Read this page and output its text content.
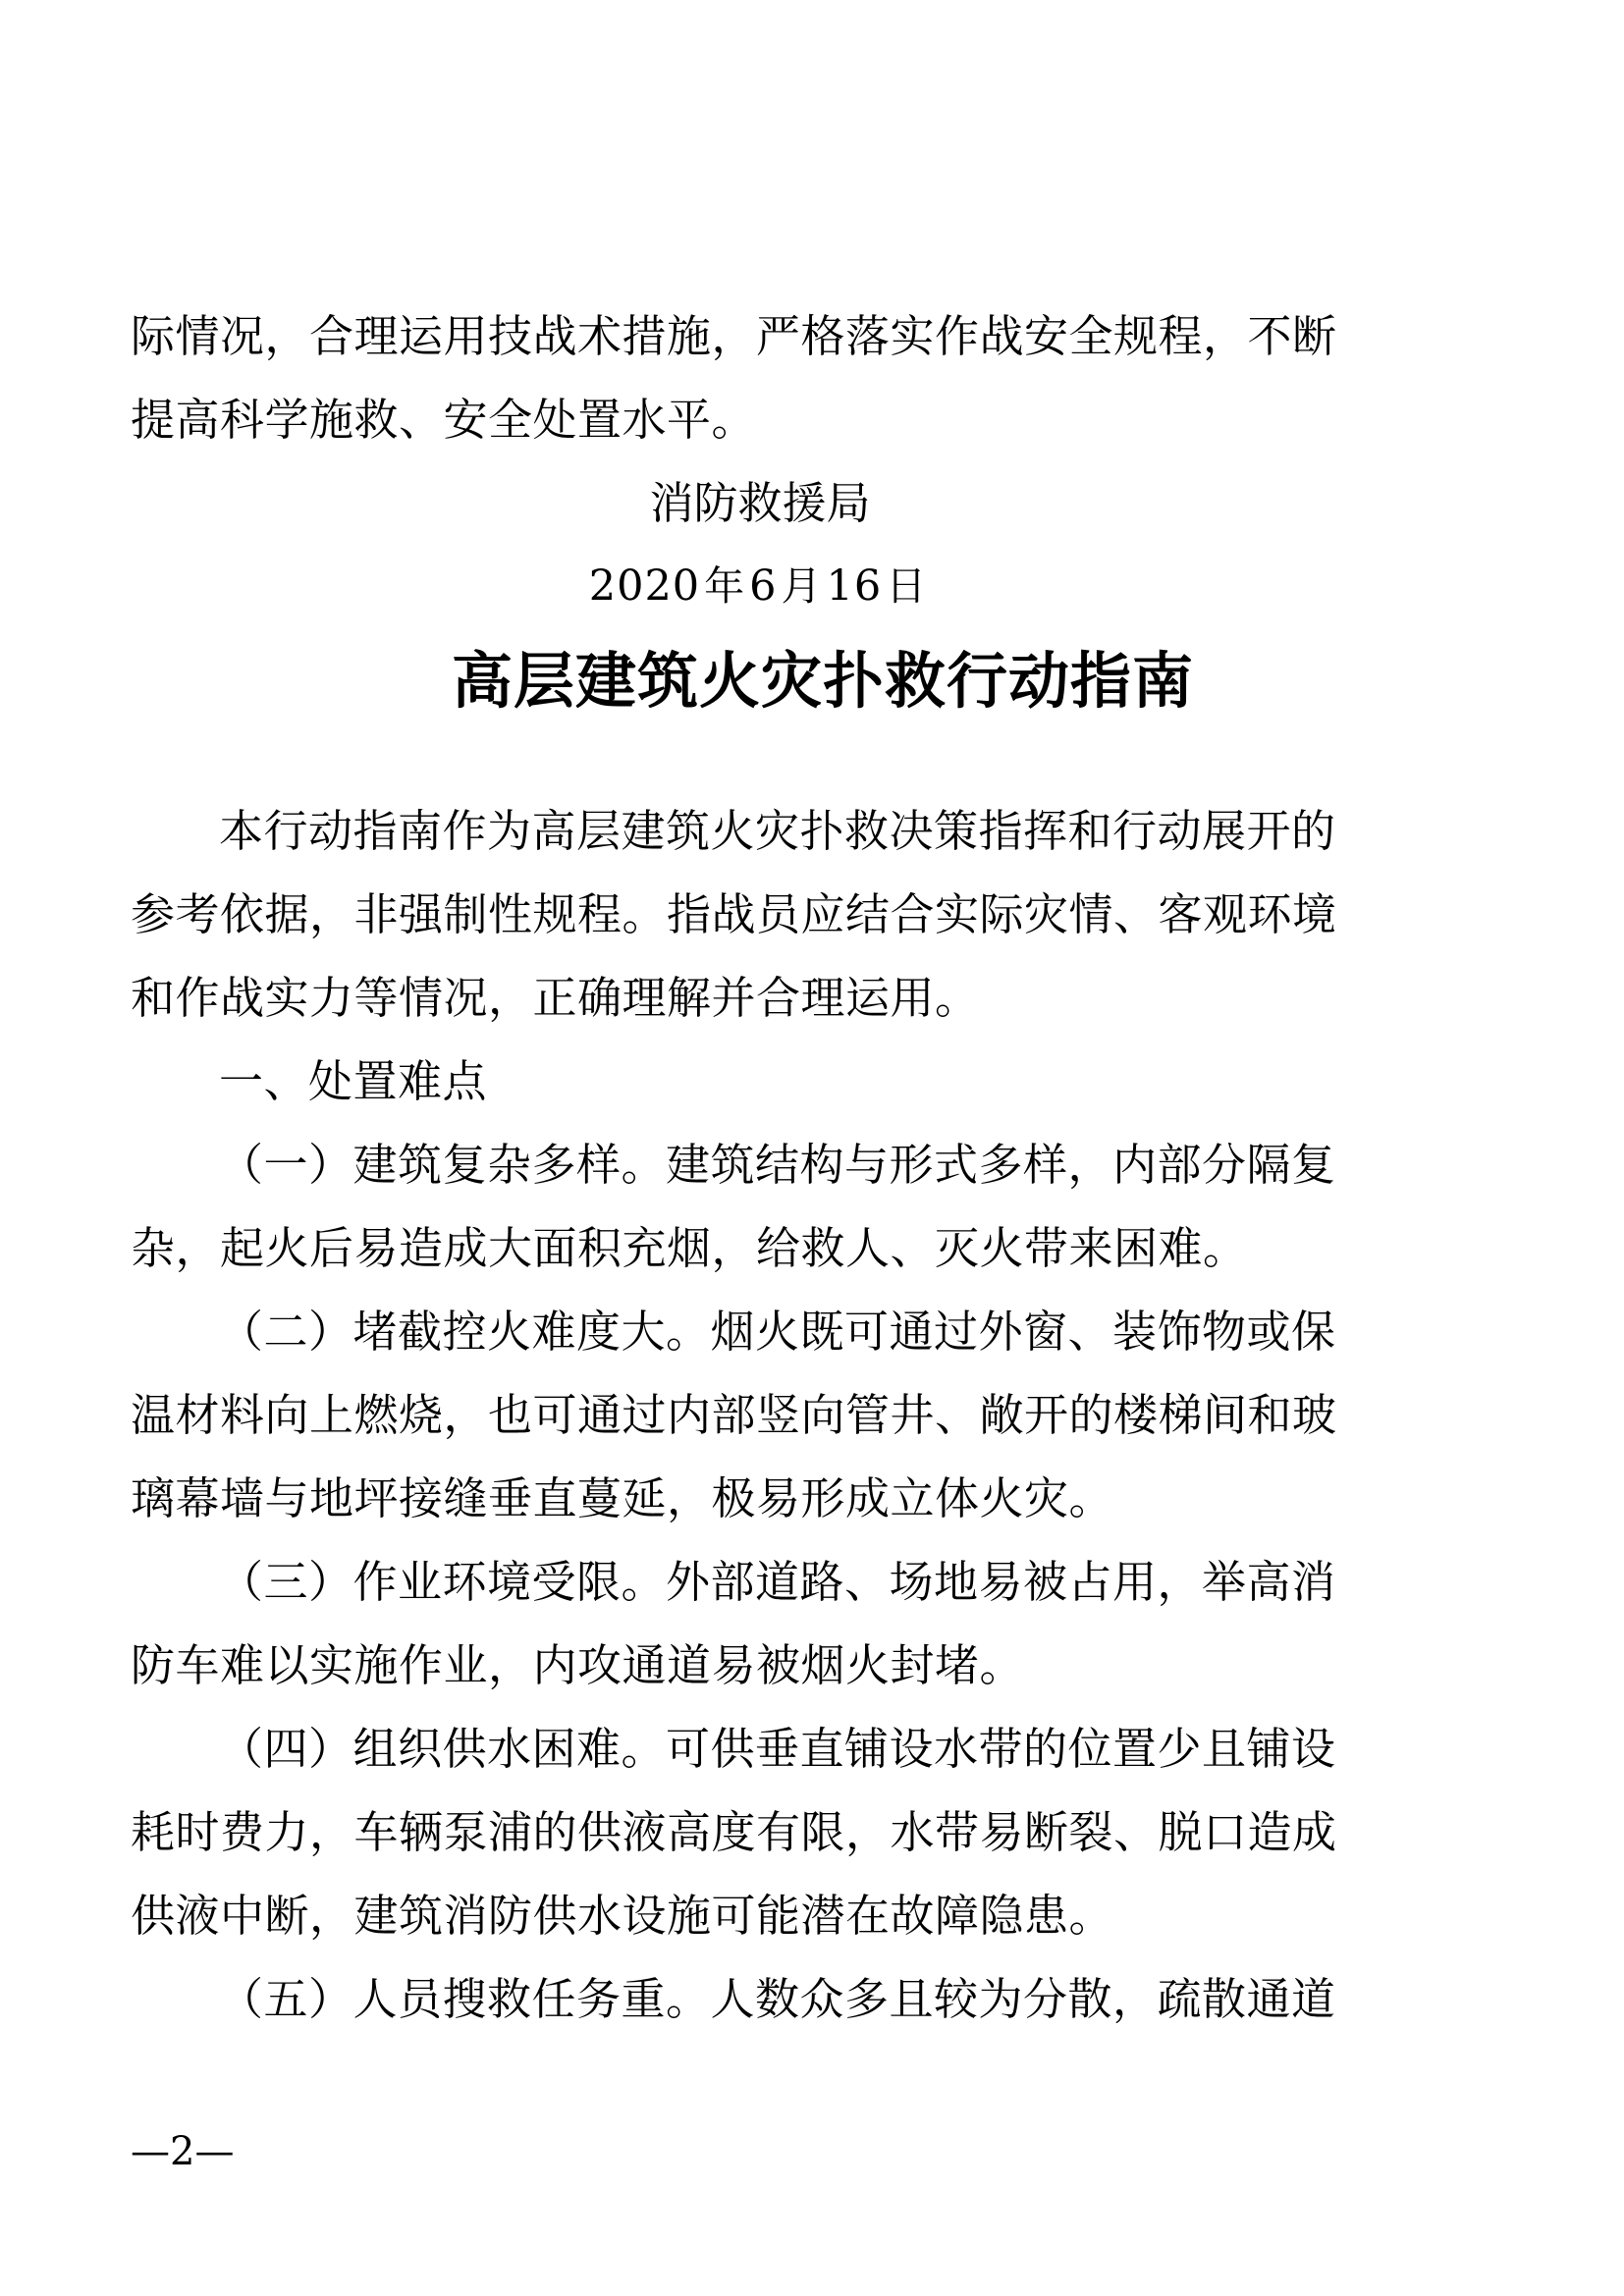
际情况，合理运用技战术措施，严格落实作战安全规程，不断

提高科学施救、安全处置水平。

消防救援局

2020年6月16日

高层建筑火灾扑救行动指南

本行动指南作为高层建筑火灾扑救决策指挥和行动展开的

参考依据，非强制性规程。指战员应结合实际灾情、客观环境

和作战实力等情况，正确理解并合理运用。

一、处置难点

（一）建筑复杂多样。建筑结构与形式多样，内部分隔复

杂，起火后易造成大面积充烟，给救人、灭火带来困难。

（二）堵截控火难度大。烟火既可通过外窗、装饰物或保

温材料向上燃烧，也可通过内部竖向管井、敞开的楼梯间和玻

璃幕墙与地坪接缝垂直蔓延，极易形成立体火灾。

（三）作业环境受限。外部道路、场地易被占用，举高消

防车难以实施作业，内攻通道易被烟火封堵。

（四）组织供水困难。可供垂直铺设水带的位置少且铺设

耗时费力，车辆泵浦的供液高度有限，水带易断裂、脱口造成

供液中断，建筑消防供水设施可能潜在故障隐患。

（五）人员搜救任务重。人数众多且较为分散，疏散通道

—2—
